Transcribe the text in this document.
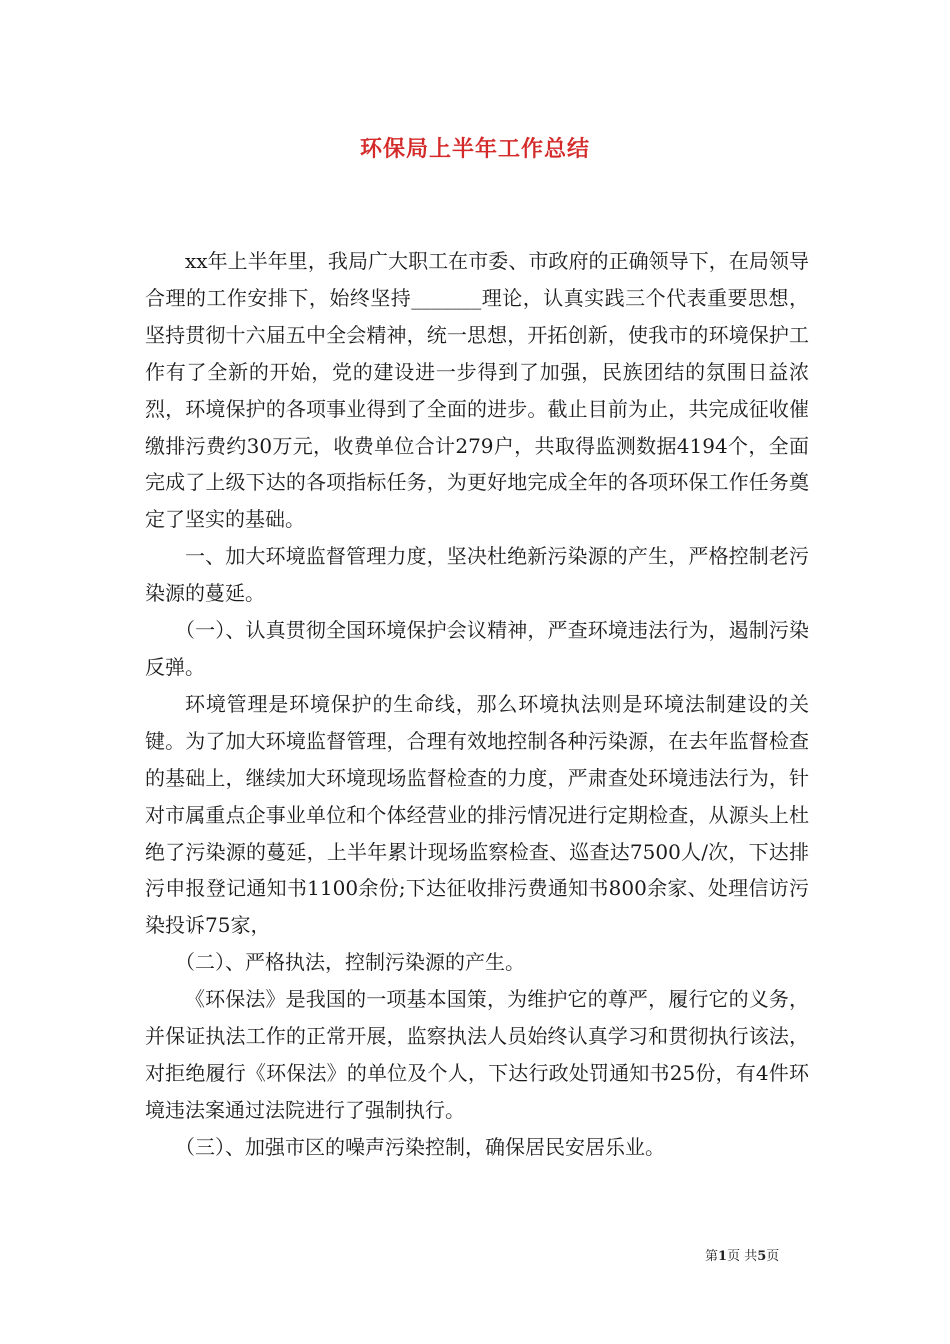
环保局上半年工作总结

xx年上半年里，我局广大职工在市委、市政府的正确领导下，在局领导合理的工作安排下，始终坚持_______理论，认真实践三个代表重要思想，坚持贯彻十六届五中全会精神，统一思想，开拓创新，使我市的环境保护工作有了全新的开始，党的建设进一步得到了加强，民族团结的氛围日益浓烈，环境保护的各项事业得到了全面的进步。截止目前为止，共完成征收催缴排污费约30万元，收费单位合计279户，共取得监测数据4194个，全面完成了上级下达的各项指标任务，为更好地完成全年的各项环保工作任务奠定了坚实的基础。

一、加大环境监督管理力度，坚决杜绝新污染源的产生，严格控制老污染源的蔓延。

（一）、认真贯彻全国环境保护会议精神，严查环境违法行为，遏制污染反弹。

环境管理是环境保护的生命线，那么环境执法则是环境法制建设的关键。为了加大环境监督管理，合理有效地控制各种污染源，在去年监督检查的基础上，继续加大环境现场监督检查的力度，严肃查处环境违法行为，针对市属重点企事业单位和个体经营业的排污情况进行定期检查，从源头上杜绝了污染源的蔓延，上半年累计现场监察检查、巡查达7500人/次，下达排污申报登记通知书1100余份;下达征收排污费通知书800余家、处理信访污染投诉75家，

（二）、严格执法，控制污染源的产生。

《环保法》是我国的一项基本国策，为维护它的尊严，履行它的义务，并保证执法工作的正常开展，监察执法人员始终认真学习和贯彻执行该法，对拒绝履行《环保法》的单位及个人，下达行政处罚通知书25份，有4件环境违法案通过法院进行了强制执行。

（三）、加强市区的噪声污染控制，确保居民安居乐业。

第1页 共5页
